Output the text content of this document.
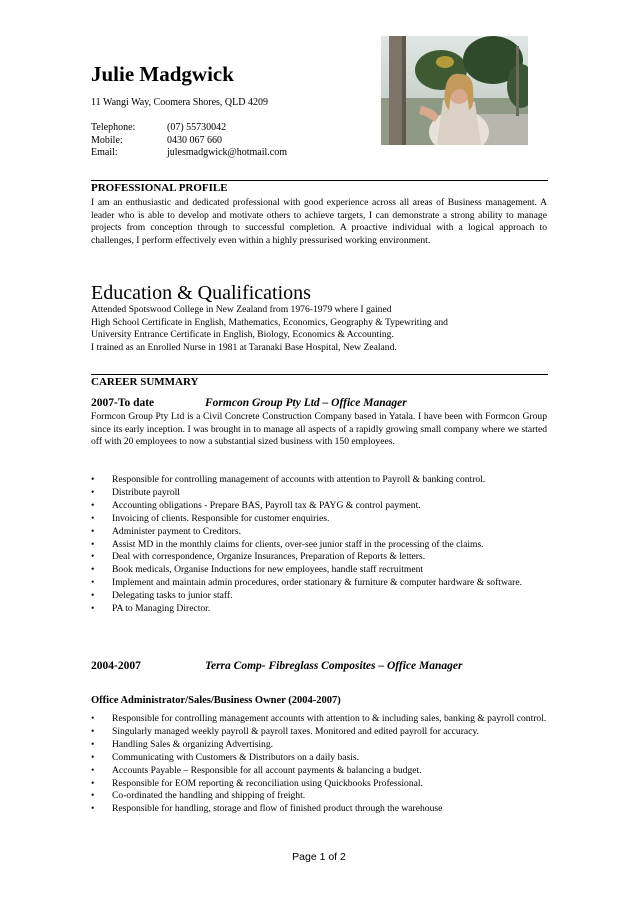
Julie Madgwick
11 Wangi Way, Coomera Shores, QLD 4209
Telephone:	(07) 55730042
Mobile:	0430 067 660
Email:	julesmadgwick@hotmail.com
PROFESSIONAL PROFILE
I am an enthusiastic and dedicated professional with good experience across all areas of Business management. A leader who is able to develop and motivate others to achieve targets, I can demonstrate a strong ability to manage projects from conception through to successful completion. A proactive individual with a logical approach to challenges, I perform effectively even within a highly pressurised working environment.
Education & Qualifications
Attended Spotswood College in New Zealand from 1976-1979 where I gained
High School Certificate in English, Mathematics, Economics, Geography & Typewriting and
University Entrance Certificate in English, Biology, Economics & Accounting.
I trained as an Enrolled Nurse in 1981 at Taranaki Base Hospital, New Zealand.
CAREER SUMMARY
2007-To date	Formcon Group Pty Ltd – Office Manager
Formcon Group Pty Ltd is a Civil Concrete Construction Company based in Yatala. I have been with Formcon Group since its early inception. I was brought in to manage all aspects of a rapidly growing small company where we started off with 20 employees to now a substantial sized business with 150 employees.
• Responsible for controlling management of accounts with attention to Payroll & banking control.
• Distribute payroll
• Accounting obligations - Prepare BAS, Payroll tax & PAYG & control payment.
• Invoicing of clients. Responsible for customer enquiries.
• Administer payment to Creditors.
• Assist MD in the monthly claims for clients, over-see junior staff in the processing of the claims.
• Deal with correspondence, Organize Insurances, Preparation of Reports & letters.
• Book medicals, Organise Inductions for new employees, handle staff recruitment
• Implement and maintain admin procedures, order stationary & furniture & computer hardware & software.
• Delegating tasks to junior staff.
• PA to Managing Director.
2004-2007	Terra Comp- Fibreglass Composites – Office Manager
Office Administrator/Sales/Business Owner (2004-2007)
• Responsible for controlling management accounts with attention to & including sales, banking & payroll control.
• Singularly managed weekly payroll & payroll taxes. Monitored and edited payroll for accuracy.
• Handling Sales & organizing Advertising.
• Communicating with Customers & Distributors on a daily basis.
• Accounts Payable – Responsible for all account payments & balancing a budget.
• Responsible for EOM reporting & reconciliation using Quickbooks Professional.
• Co-ordinated the handling and shipping of freight.
• Responsible for handling, storage and flow of finished product through the warehouse
Page 1 of 2
